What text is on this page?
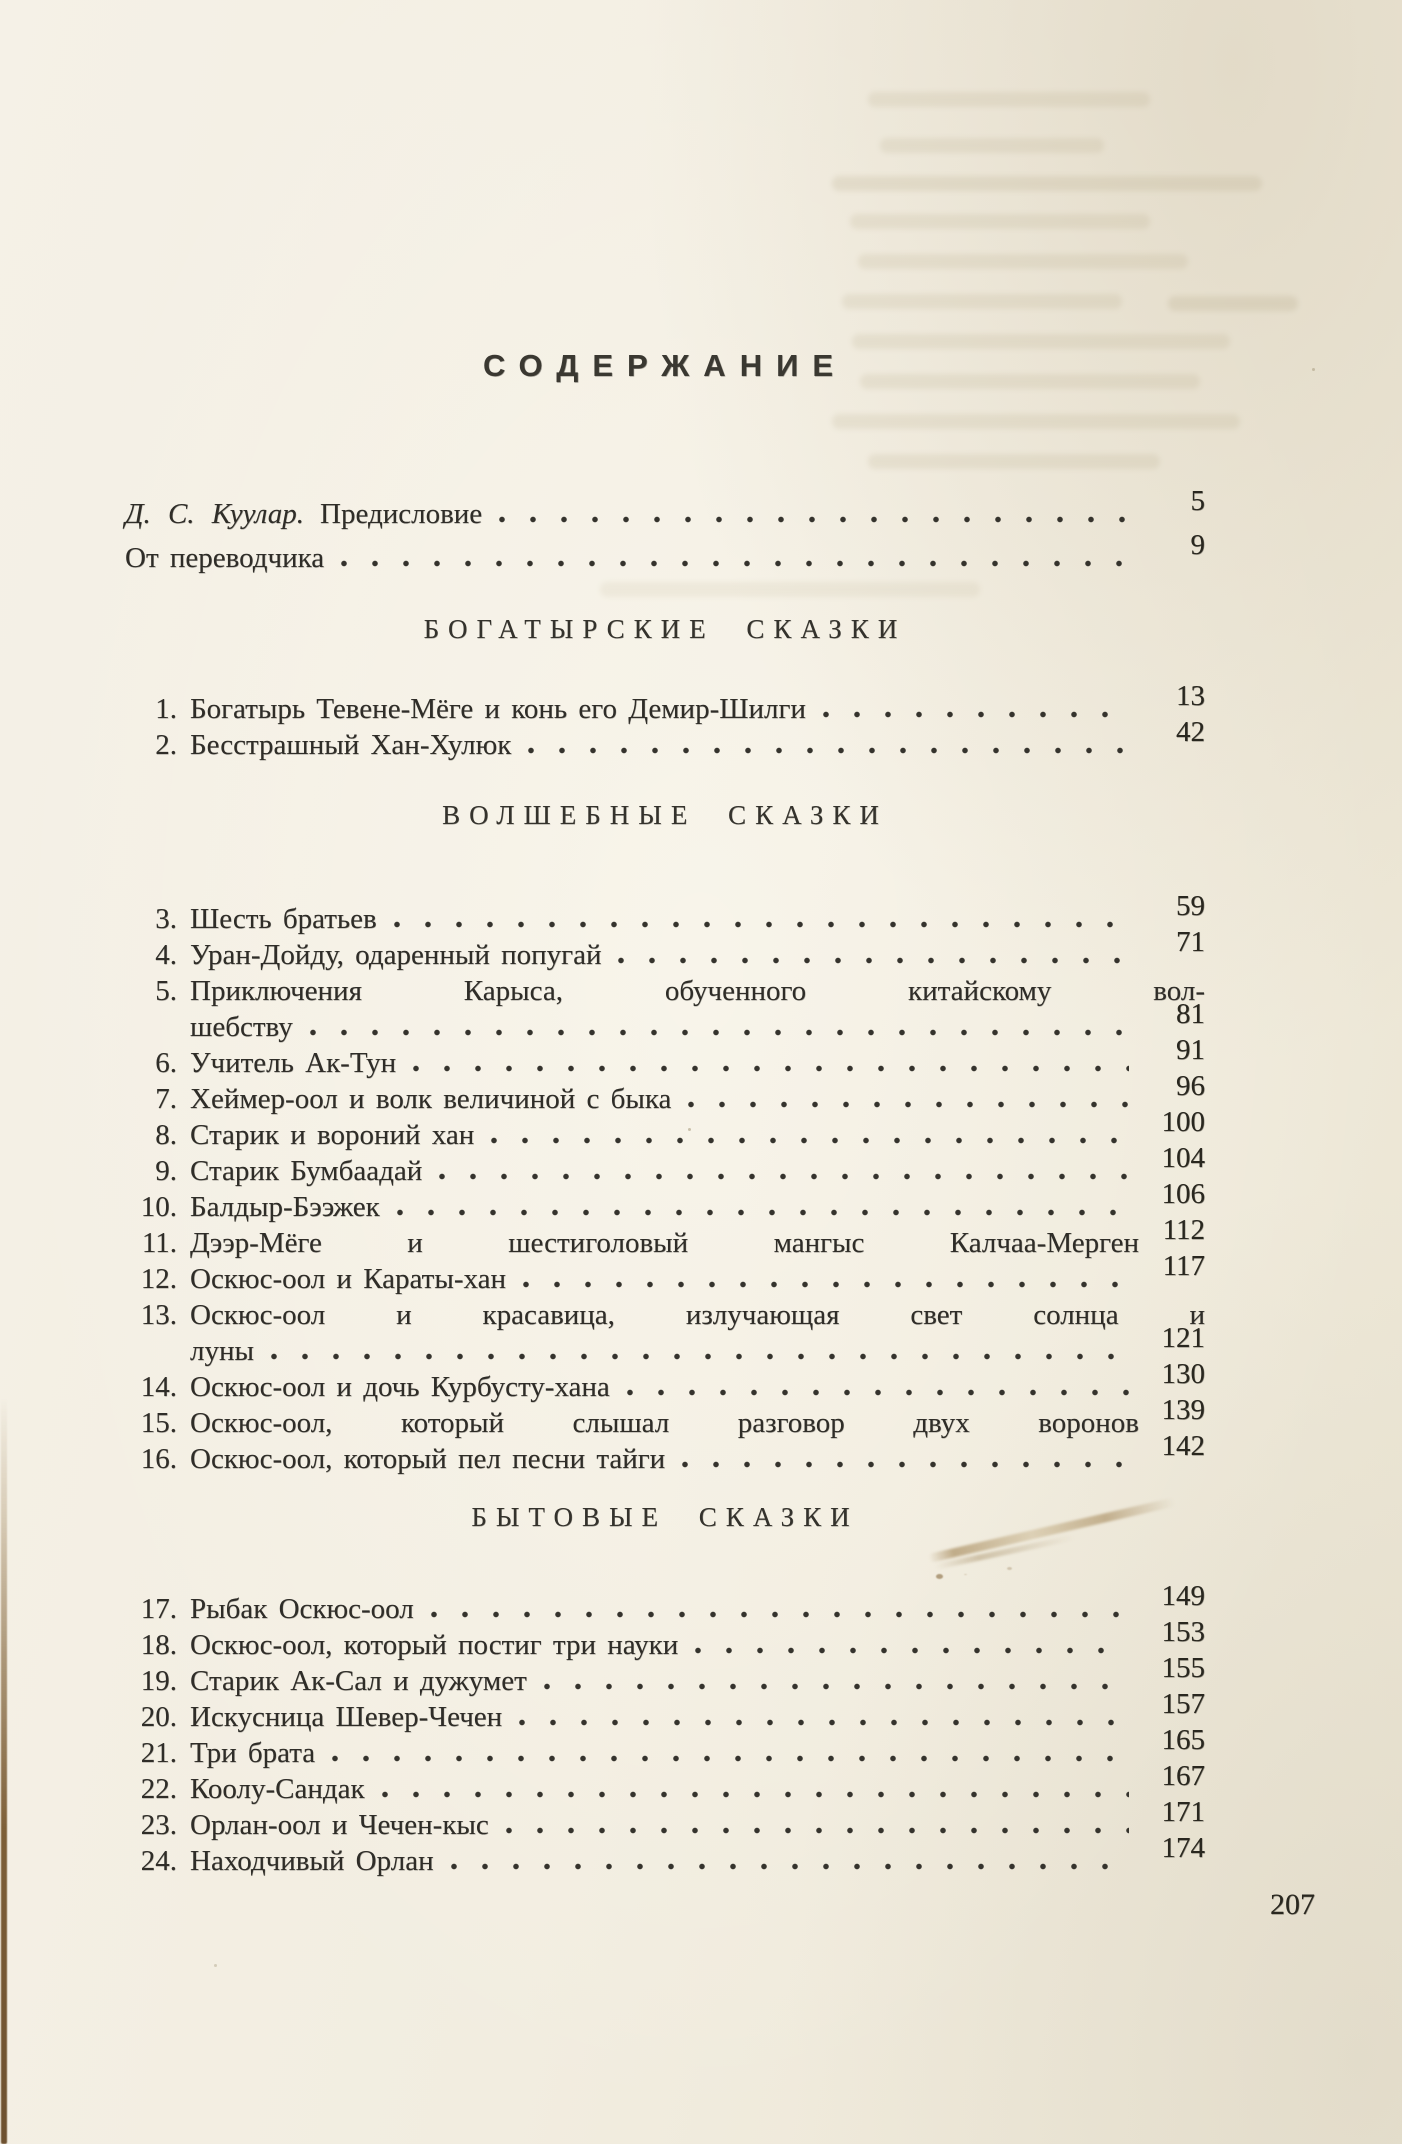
СОДЕРЖАНИЕ
Д. С. Куулар. Предисловие	5
От переводчика	9
БОГАТЫРСКИЕ СКАЗКИ
1. Богатырь Тевене-Мёге и конь его Демир-Шилги	13
2. Бесстрашный Хан-Хулюк	42
ВОЛШЕБНЫЕ СКАЗКИ
3. Шесть братьев	59
4. Уран-Дойду, одаренный попугай	71
5. Приключения Карыса, обученного китайскому вол-
шебству	81
6. Учитель Ак-Тун	91
7. Хеймер-оол и волк величиной с быка	96
8. Старик и вороний хан	100
9. Старик Бумбаадай	104
10. Балдыр-Бээжек	106
11. Дээр-Мёге и шестиголовый мангыс Калчаа-Мерген 112
12. Оскюс-оол и Караты-хан	117
13. Оскюс-оол и красавица, излучающая свет солнца и
луны	121
14. Оскюс-оол и дочь Курбусту-хана	130
15. Оскюс-оол, который слышал разговор двух воронов 139
16. Оскюс-оол, который пел песни тайги	142
БЫТОВЫЕ СКАЗКИ
17. Рыбак Оскюс-оол	149
18. Оскюс-оол, который постиг три науки	153
19. Старик Ак-Сал и дужумет	155
20. Искусница Шевер-Чечен	157
21. Три брата	165
22. Коолу-Сандак	167
23. Орлан-оол и Чечен-кыс	171
24. Находчивый Орлан	174
207
